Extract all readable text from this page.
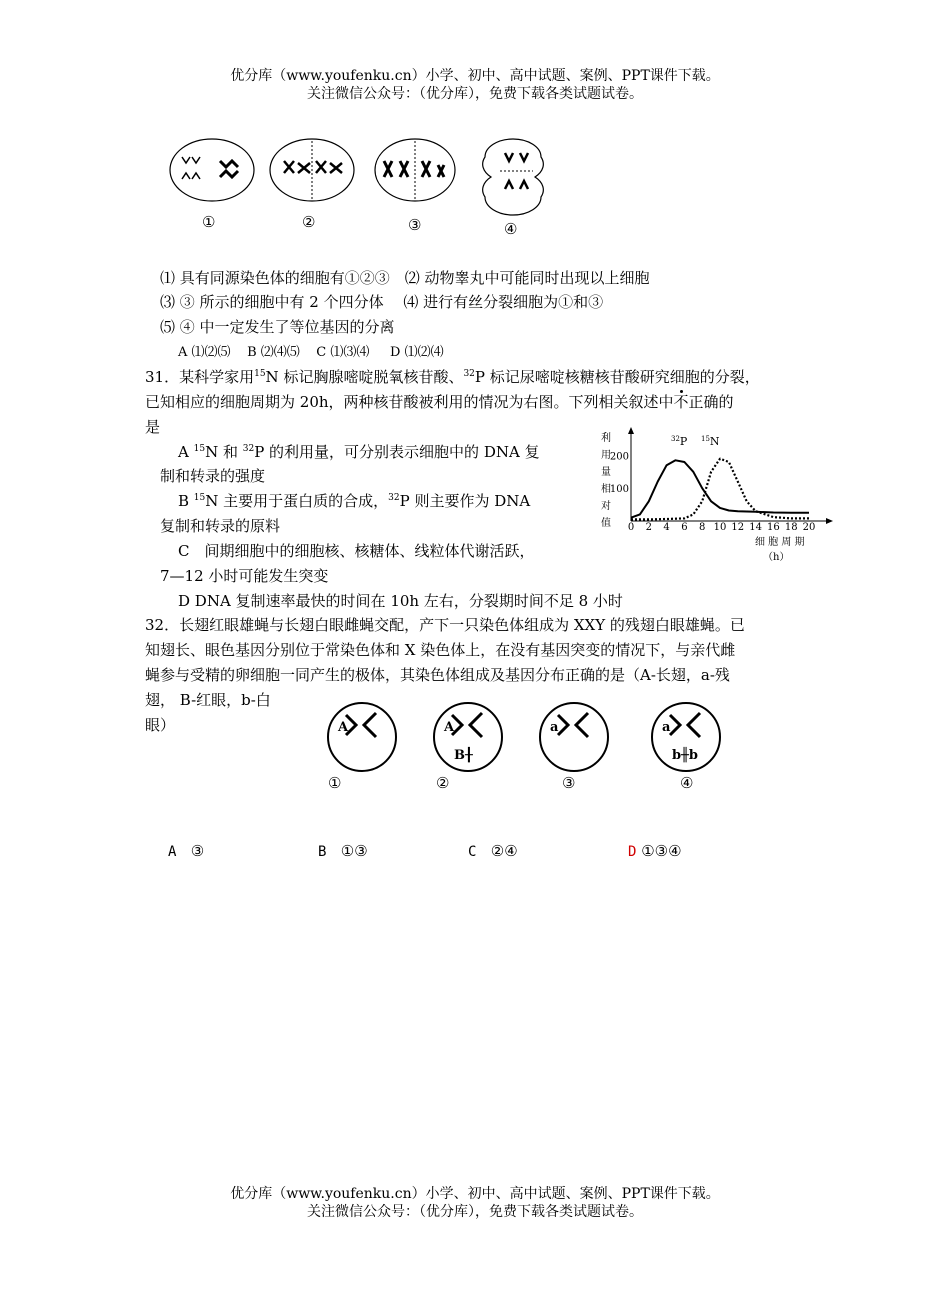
优分库（www.youfenku.cn）小学、初中、高中试题、案例、PPT课件下载。
关注微信公众号：（优分库），免费下载各类试题试卷。
①	②	③	④
⑴ 具有同源染色体的细胞有①②③　⑵ 动物睾丸中可能同时出现以上细胞
⑶ ③ 所示的细胞中有 2 个四分体　 ⑷ 进行有丝分裂细胞为①和③
⑸ ④ 中一定发生了等位基因的分离
A ⑴⑵⑸ B ⑵⑷⑸ C ⑴⑶⑷ D ⑴⑵⑷
31．某科学家用$^{15}$N 标记胸腺嘧啶脱氧核苷酸、$^{32}$P 标记尿嘧啶核糖核苷酸研究细胞的分裂，
已知相应的细胞周期为 20h，两种核苷酸被利用的情况为右图。下列相关叙述中不正确的
是
A $^{15}$N 和 $^{32}$P 的利用量，可分别表示细胞中的 DNA 复
制和转录的强度
B $^{15}$N 主要用于蛋白质的合成，$^{32}$P 则主要作为 DNA
复制和转录的原料
C　间期细胞中的细胞核、核糖体、线粒体代谢活跃，
7—12 小时可能发生突变
D DNA 复制速率最快的时间在 10h 左右，分裂期时间不足 8 小时
利
用
量
相
对
值
100
200
0 2 4 6 8 10 12 14 16 18 20
$^{32}$P $^{15}$N
细 胞 周 期
（h）
32．长翅红眼雄蝇与长翅白眼雌蝇交配，产下一只染色体组成为 XXY 的残翅白眼雄蝇。已
知翅长、眼色基因分别位于常染色体和 X 染色体上，在没有基因突变的情况下，与亲代雌
蝇参与受精的卵细胞一同产生的极体，其染色体组成及基因分布正确的是（A-长翅，a-残
翅， B-红眼，b-白
眼）	A	A
B╂
a	a
b╫b
①	②	③	④
A ③	B ①③	C ②④	D ①③④
优分库（www.youfenku.cn）小学、初中、高中试题、案例、PPT课件下载。
关注微信公众号：（优分库），免费下载各类试题试卷。
